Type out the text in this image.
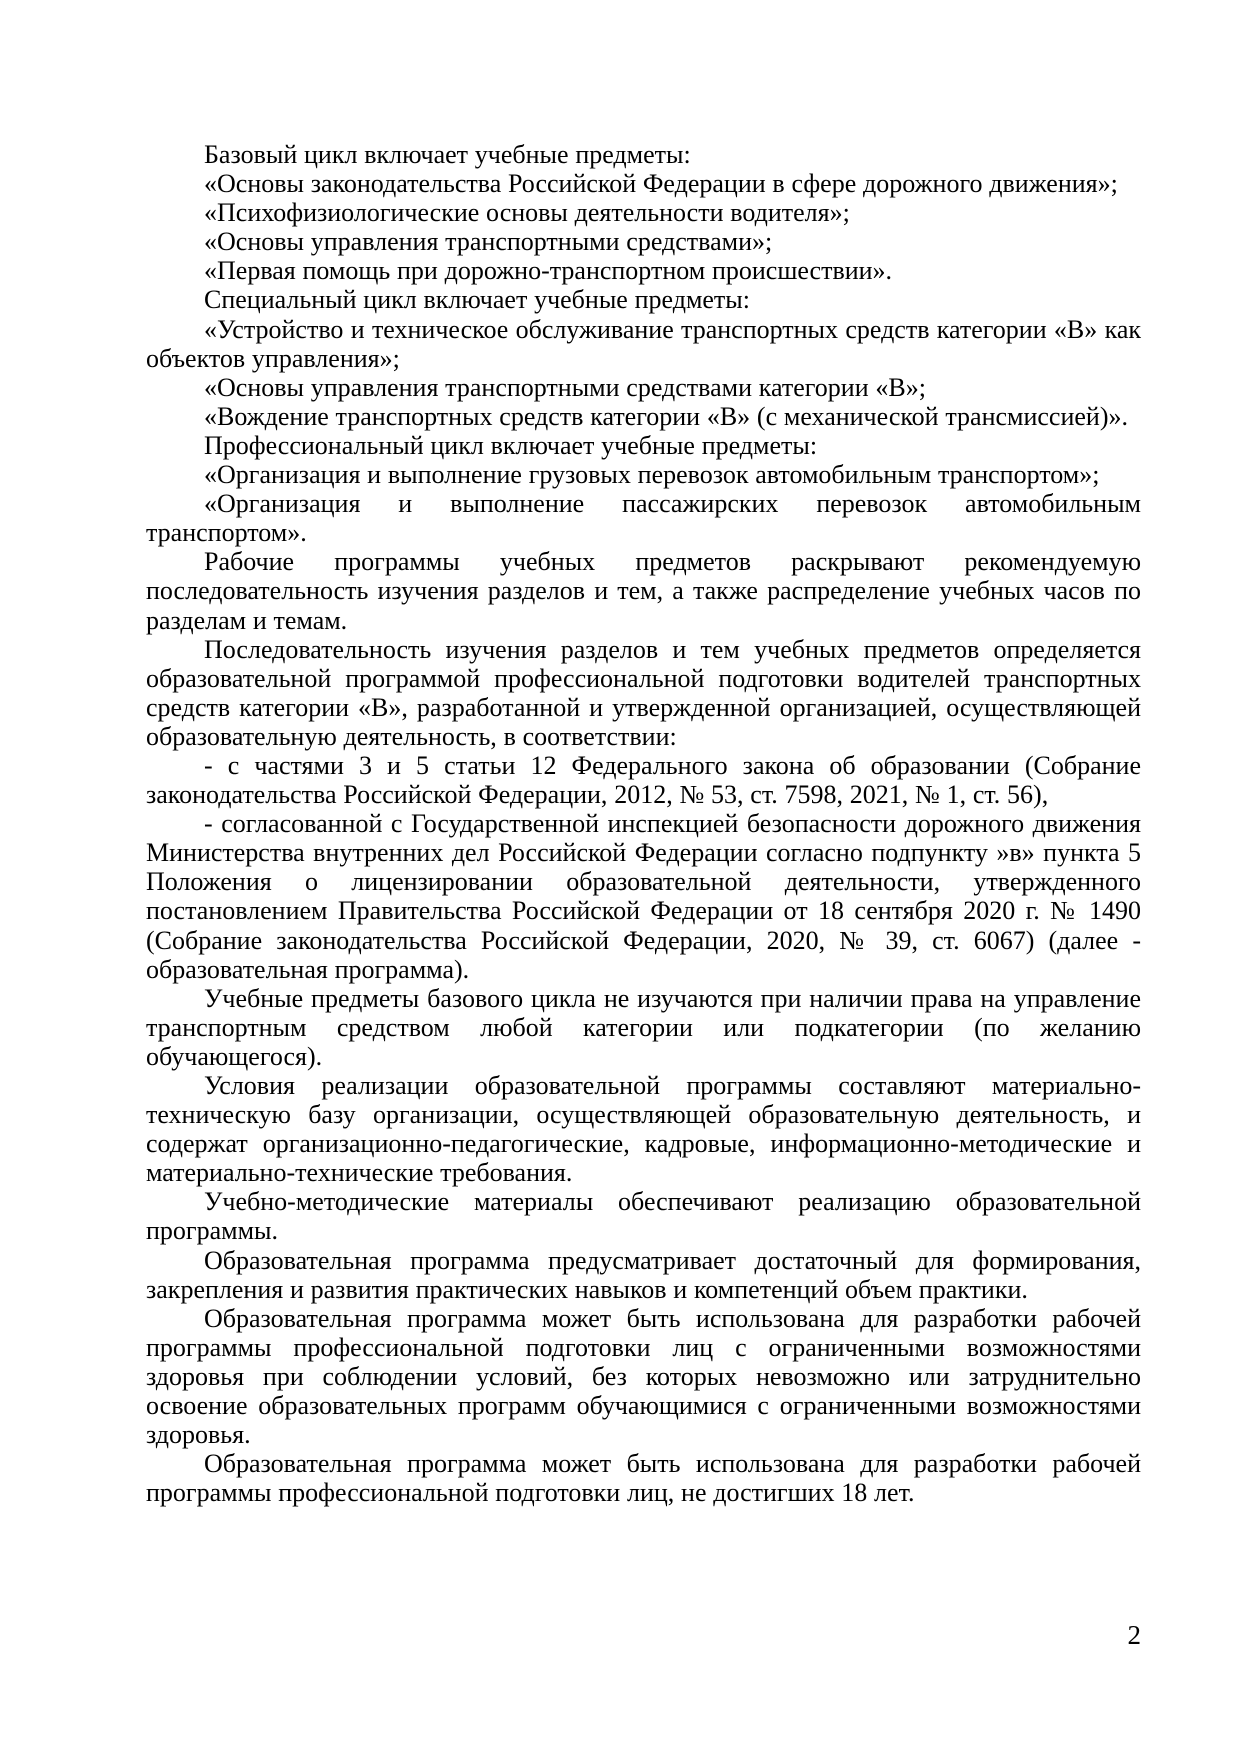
Базовый цикл включает учебные предметы:

«Основы законодательства Российской Федерации в сфере дорожного движения»;

«Психофизиологические основы деятельности водителя»;

«Основы управления транспортными средствами»;

«Первая помощь при дорожно-транспортном происшествии».

Специальный цикл включает учебные предметы:

«Устройство и техническое обслуживание транспортных средств категории «В» как объектов управления»;

«Основы управления транспортными средствами категории «В»;

«Вождение транспортных средств категории «В» (с механической трансмиссией)».

Профессиональный цикл включает учебные предметы:

«Организация и выполнение грузовых перевозок автомобильным транспортом»;

«Организация и выполнение пассажирских перевозок автомобильным транспортом».

Рабочие программы учебных предметов раскрывают рекомендуемую последовательность изучения разделов и тем, а также распределение учебных часов по разделам и темам.

Последовательность изучения разделов и тем учебных предметов определяется образовательной программой профессиональной подготовки водителей транспортных средств категории «В», разработанной и утвержденной организацией, осуществляющей образовательную деятельность, в соответствии:

- с частями 3 и 5 статьи 12 Федерального закона об образовании (Собрание законодательства Российской Федерации, 2012, № 53, ст. 7598, 2021, № 1, ст. 56),

- согласованной с Государственной инспекцией безопасности дорожного движения Министерства внутренних дел Российской Федерации согласно подпункту »в» пункта 5 Положения о лицензировании образовательной деятельности, утвержденного постановлением Правительства Российской Федерации от 18 сентября 2020 г. № 1490 (Собрание законодательства Российской Федерации, 2020, № 39, ст. 6067) (далее - образовательная программа).

Учебные предметы базового цикла не изучаются при наличии права на управление транспортным средством любой категории или подкатегории (по желанию обучающегося).

Условия реализации образовательной программы составляют материально-техническую базу организации, осуществляющей образовательную деятельность, и содержат организационно-педагогические, кадровые, информационно-методические и материально-технические требования.

Учебно-методические материалы обеспечивают реализацию образовательной программы.

Образовательная программа предусматривает достаточный для формирования, закрепления и развития практических навыков и компетенций объем практики.

Образовательная программа может быть использована для разработки рабочей программы профессиональной подготовки лиц с ограниченными возможностями здоровья при соблюдении условий, без которых невозможно или затруднительно освоение образовательных программ обучающимися с ограниченными возможностями здоровья.

Образовательная программа может быть использована для разработки рабочей программы профессиональной подготовки лиц, не достигших 18 лет.

2
